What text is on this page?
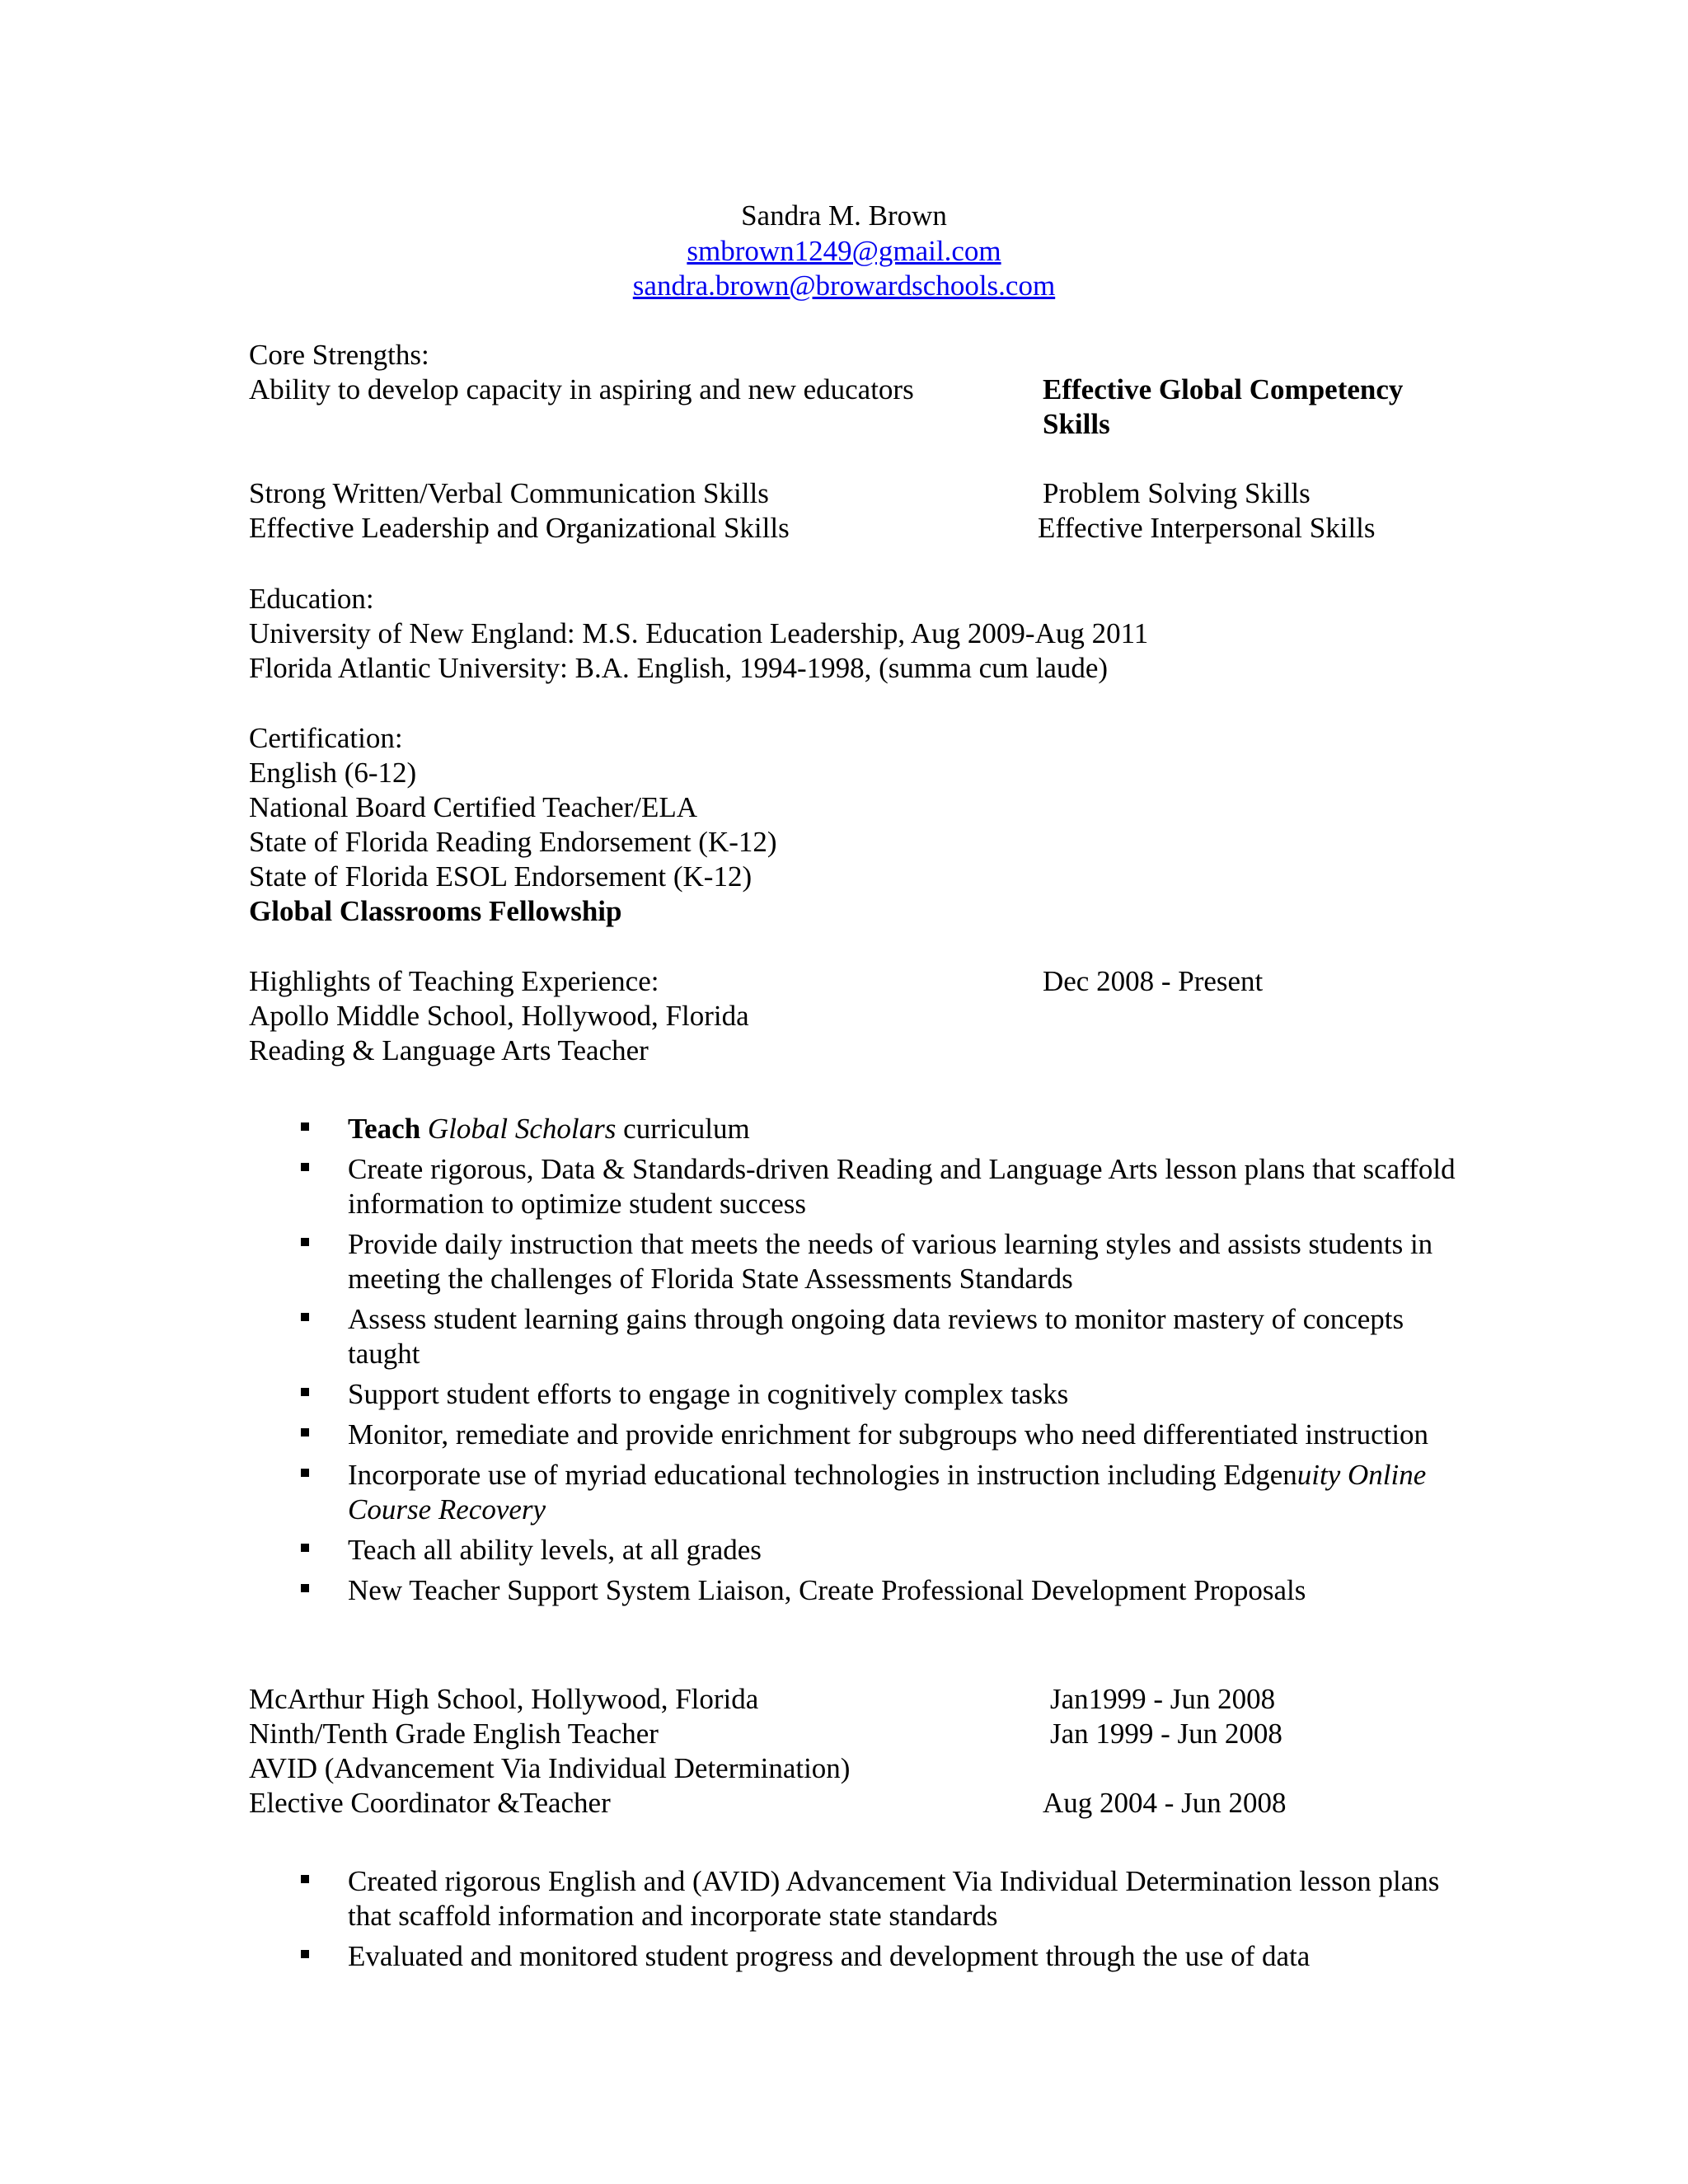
Sandra M. Brown
smbrown1249@gmail.com
sandra.brown@browardschools.com
Core Strengths:
Ability to develop capacity in aspiring and new educators	Effective Global Competency
Skills
Strong Written/Verbal Communication Skills	Problem Solving Skills
Effective Leadership and Organizational Skills	Effective Interpersonal Skills
Education:
University of New England: M.S. Education Leadership, Aug 2009-Aug 2011
Florida Atlantic University: B.A. English, 1994-1998, (summa cum laude)
Certification:
English (6-12)
National Board Certified Teacher/ELA
State of Florida Reading Endorsement (K-12)
State of Florida ESOL Endorsement (K-12)
Global Classrooms Fellowship
Highlights of Teaching Experience:	Dec 2008 - Present
Apollo Middle School, Hollywood, Florida
Reading & Language Arts Teacher
Teach Global Scholars curriculum
Create rigorous, Data & Standards-driven Reading and Language Arts lesson plans that scaffold information to optimize student success
Provide daily instruction that meets the needs of various learning styles and assists students in meeting the challenges of Florida State Assessments Standards
Assess student learning gains through ongoing data reviews to monitor mastery of concepts taught
Support student efforts to engage in cognitively complex tasks
Monitor, remediate and provide enrichment for subgroups who need differentiated instruction
Incorporate use of myriad educational technologies in instruction including Edgenuity Online Course Recovery
Teach all ability levels, at all grades
New Teacher Support System Liaison, Create Professional Development Proposals
McArthur High School, Hollywood, Florida	Jan1999 - Jun 2008
Ninth/Tenth Grade English Teacher	Jan 1999 - Jun 2008
AVID (Advancement Via Individual Determination)
Elective Coordinator &Teacher	Aug 2004 - Jun 2008
Created rigorous English and (AVID) Advancement Via Individual Determination lesson plans that scaffold information and incorporate state standards
Evaluated and monitored student progress and development through the use of data
